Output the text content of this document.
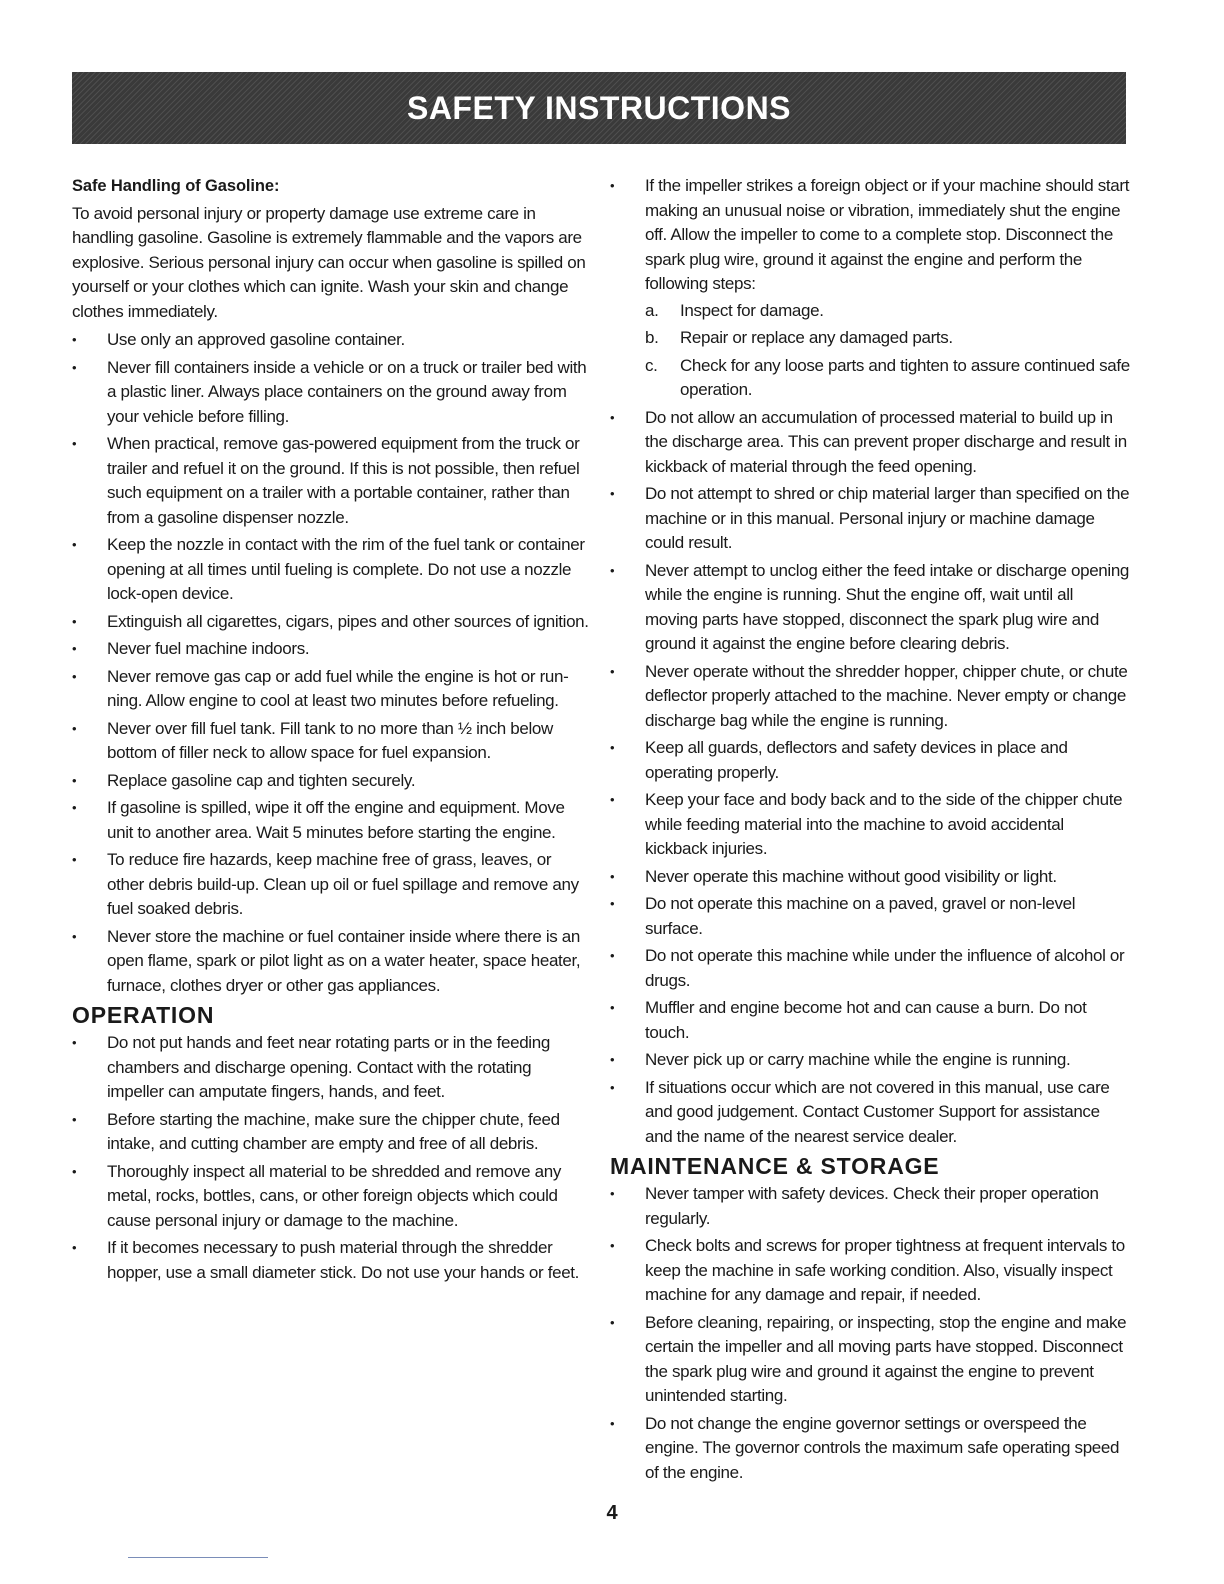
SAFETY INSTRUCTIONS
Safe Handling of Gasoline:
To avoid personal injury or property damage use extreme care in handling gasoline. Gasoline is extremely flammable and the vapors are explosive. Serious personal injury can occur when gasoline is spilled on yourself or your clothes which can ignite. Wash your skin and change clothes immediately.
•	Use only an approved gasoline container.
•	Never fill containers inside a vehicle or on a truck or trailer bed with a plastic liner. Always place containers on the ground away from your vehicle before filling.
•	When practical, remove gas-powered equipment from the truck or trailer and refuel it on the ground. If this is not possible, then refuel such equipment on a trailer with a portable container, rather than from a gasoline dispenser nozzle.
•	Keep the nozzle in contact with the rim of the fuel tank or container opening at all times until fueling is complete. Do not use a nozzle lock-open device.
•	Extinguish all cigarettes, cigars, pipes and other sources of ignition.
•	Never fuel machine indoors.
•	Never remove gas cap or add fuel while the engine is hot or run-ning. Allow engine to cool at least two minutes before refueling.
•	Never over fill fuel tank. Fill tank to no more than ½ inch below bottom of filler neck to allow space for fuel expansion.
•	Replace gasoline cap and tighten securely.
•	If gasoline is spilled, wipe it off the engine and equipment. Move unit to another area. Wait 5 minutes before starting the engine.
•	To reduce fire hazards, keep machine free of grass, leaves, or other debris build-up. Clean up oil or fuel spillage and remove any fuel soaked debris.
•	Never store the machine or fuel container inside where there is an open flame, spark or pilot light as on a water heater, space heater, furnace, clothes dryer or other gas appliances.
OPERATION
•	Do not put hands and feet near rotating parts or in the feeding chambers and discharge opening. Contact with the rotating impeller can amputate fingers, hands, and feet.
•	Before starting the machine, make sure the chipper chute, feed intake, and cutting chamber are empty and free of all debris.
•	Thoroughly inspect all material to be shredded and remove any metal, rocks, bottles, cans, or other foreign objects which could cause personal injury or damage to the machine.
•	If it becomes necessary to push material through the shredder hopper, use a small diameter stick. Do not use your hands or feet.
•	If the impeller strikes a foreign object or if your machine should start making an unusual noise or vibration, immediately shut the engine off. Allow the impeller to come to a complete stop. Disconnect the spark plug wire, ground it against the engine and perform the following steps:
a. Inspect for damage.
b. Repair or replace any damaged parts.
c. Check for any loose parts and tighten to assure continued safe operation.
•	Do not allow an accumulation of processed material to build up in the discharge area. This can prevent proper discharge and result in kickback of material through the feed opening.
•	Do not attempt to shred or chip material larger than specified on the machine or in this manual. Personal injury or machine damage could result.
•	Never attempt to unclog either the feed intake or discharge opening while the engine is running. Shut the engine off, wait until all moving parts have stopped, disconnect the spark plug wire and ground it against the engine before clearing debris.
•	Never operate without the shredder hopper, chipper chute, or chute deflector properly attached to the machine. Never empty or change discharge bag while the engine is running.
•	Keep all guards, deflectors and safety devices in place and operating properly.
•	Keep your face and body back and to the side of the chipper chute while feeding material into the machine to avoid accidental kickback injuries.
•	Never operate this machine without good visibility or light.
•	Do not operate this machine on a paved, gravel or non-level surface.
•	Do not operate this machine while under the influence of alcohol or drugs.
•	Muffler and engine become hot and can cause a burn. Do not touch.
•	Never pick up or carry machine while the engine is running.
•	If situations occur which are not covered in this manual, use care and good judgement. Contact Customer Support for assistance and the name of the nearest service dealer.
MAINTENANCE & STORAGE
•	Never tamper with safety devices. Check their proper operation regularly.
•	Check bolts and screws for proper tightness at frequent intervals to keep the machine in safe working condition. Also, visually inspect machine for any damage and repair, if needed.
•	Before cleaning, repairing, or inspecting, stop the engine and make certain the impeller and all moving parts have stopped. Disconnect the spark plug wire and ground it against the engine to prevent unintended starting.
•	Do not change the engine governor settings or overspeed the engine. The governor controls the maximum safe operating speed of the engine.
4
